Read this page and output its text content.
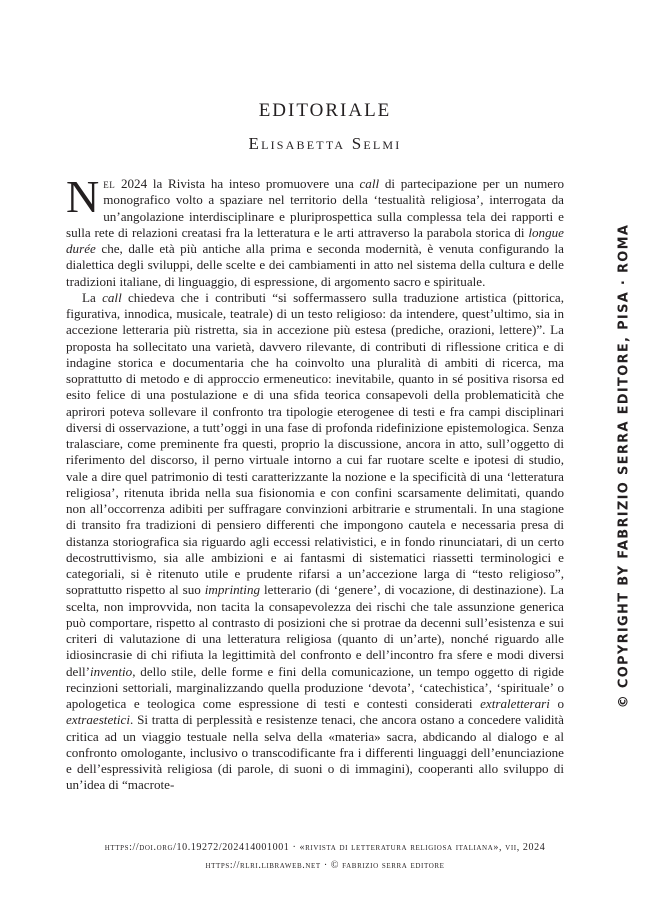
EDITORIALE
Elisabetta Selmi

Nel 2024 la Rivista ha inteso promuovere una call di partecipazione per un numero monografico volto a spaziare nel territorio della ‘testualità religiosa’, interrogata da un’angolazione interdisciplinare e pluriprospettica sulla complessa tela dei rapporti e sulla rete di relazioni creatasi fra la letteratura e le arti attraverso la parabola storica di longue durée che, dalle età più antiche alla prima e seconda modernità, è venuta configurando la dialettica degli sviluppi, delle scelte e dei cambiamenti in atto nel sistema della cultura e delle tradizioni italiane, di linguaggio, di espressione, di argomento sacro e spirituale.

La call chiedeva che i contributi “si soffermassero sulla traduzione artistica (pittorica, figurativa, innodica, musicale, teatrale) di un testo religioso: da intendere, quest’ultimo, sia in accezione letteraria più ristretta, sia in accezione più estesa (prediche, orazioni, lettere)”. La proposta ha sollecitato una varietà, davvero rilevante, di contributi di riflessione critica e di indagine storica e documentaria che ha coinvolto una pluralità di ambiti di ricerca, ma soprattutto di metodo e di approccio ermeneutico: inevitabile, quanto in sé positiva risorsa ed esito felice di una postulazione e di una sfida teorica consapevoli della problematicità che aprirori poteva sollevare il confronto tra tipologie eterogenee di testi e fra campi disciplinari diversi di osservazione, a tutt’oggi in una fase di profonda ridefinizione epistemologica. Senza tralasciare, come preminente fra questi, proprio la discussione, ancora in atto, sull’oggetto di riferimento del discorso, il perno virtuale intorno a cui far ruotare scelte e ipotesi di studio, vale a dire quel patrimonio di testi caratterizzante la nozione e la specificità di una ‘letteratura religiosa’, ritenuta ibrida nella sua fisionomia e con confini scarsamente delimitati, quando non all’occorrenza adibiti per suffragare convinzioni arbitrarie e strumentali. In una stagione di transito fra tradizioni di pensiero differenti che impongono cautela e necessaria presa di distanza storiografica sia riguardo agli eccessi relativistici, e in fondo rinunciatari, di un certo decostruttivismo, sia alle ambizioni e ai fantasmi di sistematici riassetti terminologici e categoriali, si è ritenuto utile e prudente rifarsi a un’accezione larga di “testo religioso”, soprattutto rispetto al suo imprinting letterario (di ‘genere’, di vocazione, di destinazione). La scelta, non improvvida, non tacita la consapevolezza dei rischi che tale assunzione generica può comportare, rispetto al contrasto di posizioni che si protrae da decenni sull’esistenza e sui criteri di valutazione di una letteratura religiosa (quanto di un’arte), nonché riguardo alle idiosincrasie di chi rifiuta la legittimità del confronto e dell’incontro fra sfere e modi diversi dell’inventio, dello stile, delle forme e fini della comunicazione, un tempo oggetto di rigide recinzioni settoriali, marginalizzando quella produzione ‘devota’, ‘catechistica’, ‘spirituale’ o apologetica e teologica come espressione di testi e contesti considerati extraletterari o extraestetici. Si tratta di perplessità e resistenze tenaci, che ancora ostano a concedere validità critica ad un viaggio testuale nella selva della «materia» sacra, abdicando al dialogo e al confronto omologante, inclusivo o transcodificante fra i differenti linguaggi dell’enunciazione e dell’espressività religiosa (di parole, di suoni o di immagini), cooperanti allo sviluppo di un’idea di “macrote-

https://doi.org/10.19272/202414001001 · «rivista di letteratura religiosa italiana», vii, 2024
https://rlri.libraweb.net · © fabrizio serra editore
© COPYRIGHT BY FABRIZIO SERRA EDITORE, PISA · ROMA
